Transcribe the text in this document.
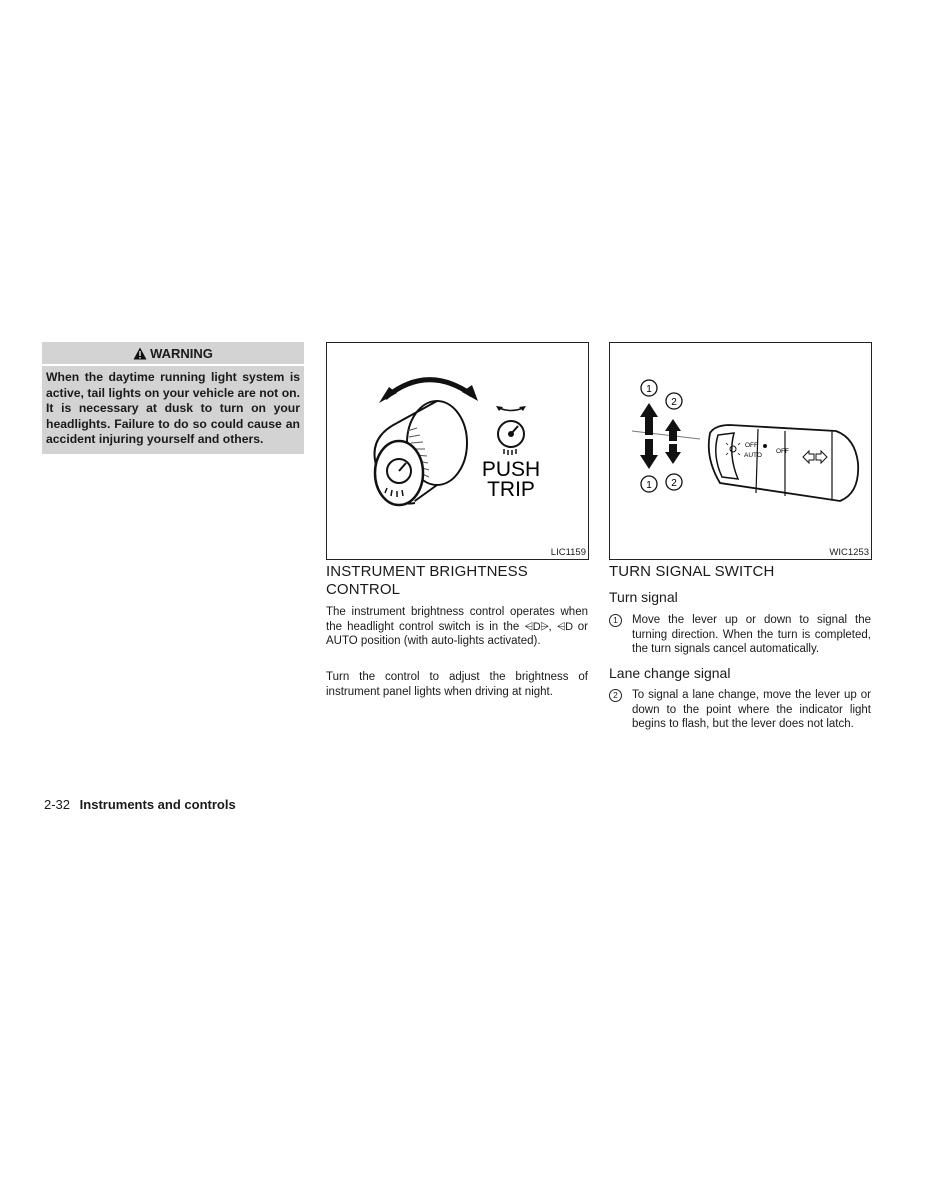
WARNING
When the daytime running light system is active, tail lights on your vehicle are not on. It is necessary at dusk to turn on your headlights. Failure to do so could cause an accident injuring yourself and others.
PUSH
TRIP
LIC1159
1
2
1 2
OFF
AUTO
OFF
WIC1253
INSTRUMENT BRIGHTNESS
CONTROL
The instrument brightness control operates when the headlight control switch is in the ⩤D⩥, ⩤D or AUTO position (with auto-lights activated).
Turn the control to adjust the brightness of instrument panel lights when driving at night.
TURN SIGNAL SWITCH
Turn signal
1	Move the lever up or down to signal the turning direction. When the turn is completed, the turn signals cancel automatically.
Lane change signal
2	To signal a lane change, move the lever up or down to the point where the indicator light begins to flash, but the lever does not latch.
2-32 Instruments and controls
